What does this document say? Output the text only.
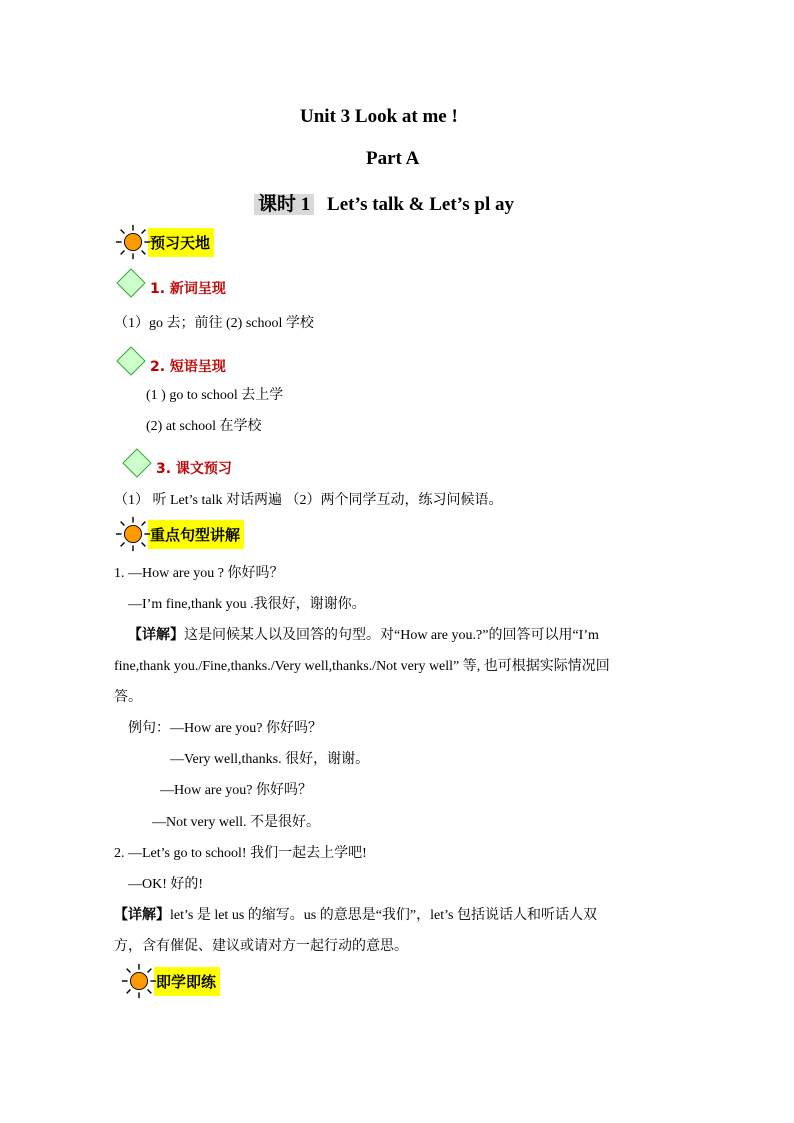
Unit 3 Look at me !
Part A
课时 1 Let’s talk & Let’s pl ay
预习天地
1. 新词呈现
（1）go 去；前往 (2) school 学校
2. 短语呈现
(1 ) go to school 去上学
(2) at school 在学校
3. 课文预习
（1） 听 Let’s talk 对话两遍 （2）两个同学互动，练习问候语。
重点句型讲解
1. —How are you ? 你好吗？
—I’m fine,thank you .我很好，谢谢你。
【详解】这是问候某人以及回答的句型。对“How are you.?”的回答可以用“I’m
fine,thank you./Fine,thanks./Very well,thanks./Not very well” 等, 也可根据实际情况回
答。
例句：—How are you? 你好吗？
—Very well,thanks. 很好，谢谢。
—How are you? 你好吗？
—Not very well. 不是很好。
2. —Let’s go to school! 我们一起去上学吧!
—OK! 好的!
【详解】let’s 是 let us 的缩写。us 的意思是“我们”，let’s 包括说话人和听话人双
方，含有催促、建议或请对方一起行动的意思。
即学即练
